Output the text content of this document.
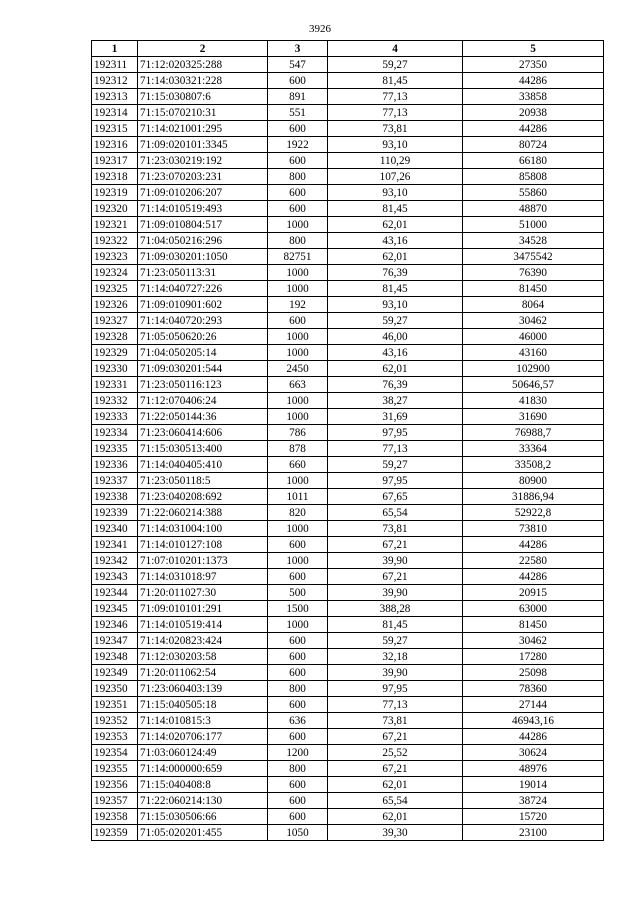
3926
1	2	3	4	5
192311	71:12:020325:288	547	59,27	27350
192312	71:14:030321:228	600	81,45	44286
192313	71:15:030807:6	891	77,13	33858
192314	71:15:070210:31	551	77,13	20938
192315	71:14:021001:295	600	73,81	44286
192316	71:09:020101:3345	1922	93,10	80724
192317	71:23:030219:192	600	110,29	66180
192318	71:23:070203:231	800	107,26	85808
192319	71:09:010206:207	600	93,10	55860
192320	71:14:010519:493	600	81,45	48870
192321	71:09:010804:517	1000	62,01	51000
192322	71:04:050216:296	800	43,16	34528
192323	71:09:030201:1050	82751	62,01	3475542
192324	71:23:050113:31	1000	76,39	76390
192325	71:14:040727:226	1000	81,45	81450
192326	71:09:010901:602	192	93,10	8064
192327	71:14:040720:293	600	59,27	30462
192328	71:05:050620:26	1000	46,00	46000
192329	71:04:050205:14	1000	43,16	43160
192330	71:09:030201:544	2450	62,01	102900
192331	71:23:050116:123	663	76,39	50646,57
192332	71:12:070406:24	1000	38,27	41830
192333	71:22:050144:36	1000	31,69	31690
192334	71:23:060414:606	786	97,95	76988,7
192335	71:15:030513:400	878	77,13	33364
192336	71:14:040405:410	660	59,27	33508,2
192337	71:23:050118:5	1000	97,95	80900
192338	71:23:040208:692	1011	67,65	31886,94
192339	71:22:060214:388	820	65,54	52922,8
192340	71:14:031004:100	1000	73,81	73810
192341	71:14:010127:108	600	67,21	44286
192342	71:07:010201:1373	1000	39,90	22580
192343	71:14:031018:97	600	67,21	44286
192344	71:20:011027:30	500	39,90	20915
192345	71:09:010101:291	1500	388,28	63000
192346	71:14:010519:414	1000	81,45	81450
192347	71:14:020823:424	600	59,27	30462
192348	71:12:030203:58	600	32,18	17280
192349	71:20:011062:54	600	39,90	25098
192350	71:23:060403:139	800	97,95	78360
192351	71:15:040505:18	600	77,13	27144
192352	71:14:010815:3	636	73,81	46943,16
192353	71:14:020706:177	600	67,21	44286
192354	71:03:060124:49	1200	25,52	30624
192355	71:14:000000:659	800	67,21	48976
192356	71:15:040408:8	600	62,01	19014
192357	71:22:060214:130	600	65,54	38724
192358	71:15:030506:66	600	62,01	15720
192359	71:05:020201:455	1050	39,30	23100
